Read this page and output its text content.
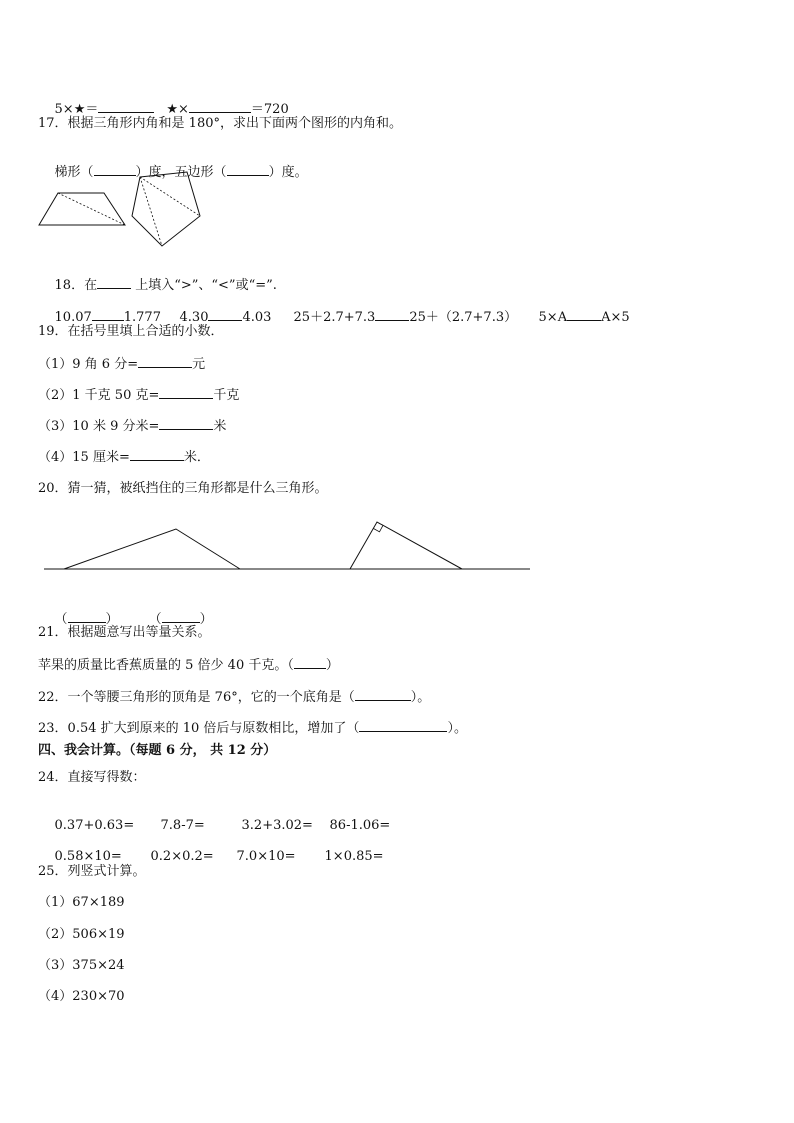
5×★＝	★×	＝720

17．根据三角形内角和是 180°，求出下面两个图形的内角和。

梯形（	）度，五边形（	）度。

18．在	上填入“>”、“<”或“=”.

10.07 1.777 4.30	4.03 25＋2.7+7.3	25＋（2.7+7.3） 5×A	A×5

19．在括号里填上合适的小数．
（1）9 角 6 分=	元
（2）1 千克 50 克=	千克
（3）10 米 9 分米=	米
（4）15 厘米=	米．
20．猜一猜，被纸挡住的三角形都是什么三角形。

（	） （	）

21．根据题意写出等量关系。
苹果的质量比香蕉质量的 5 倍少 40 千克。（ ）
22．一个等腰三角形的顶角是 76°，它的一个底角是（	）。
23．0.54 扩大到原来的 10 倍后与原数相比，增加了（	）。
四、我会计算。（每题 6 分， 共 12 分）
24．直接写得数：

0.37+0.63= 7.8-7=	3.2+3.02= 86-1.06=

0.58×10= 0.2×0.2= 7.0×10= 1×0.85=

25．列竖式计算。
（1）67×189
（2）506×19
（3）375×24
（4）230×70
